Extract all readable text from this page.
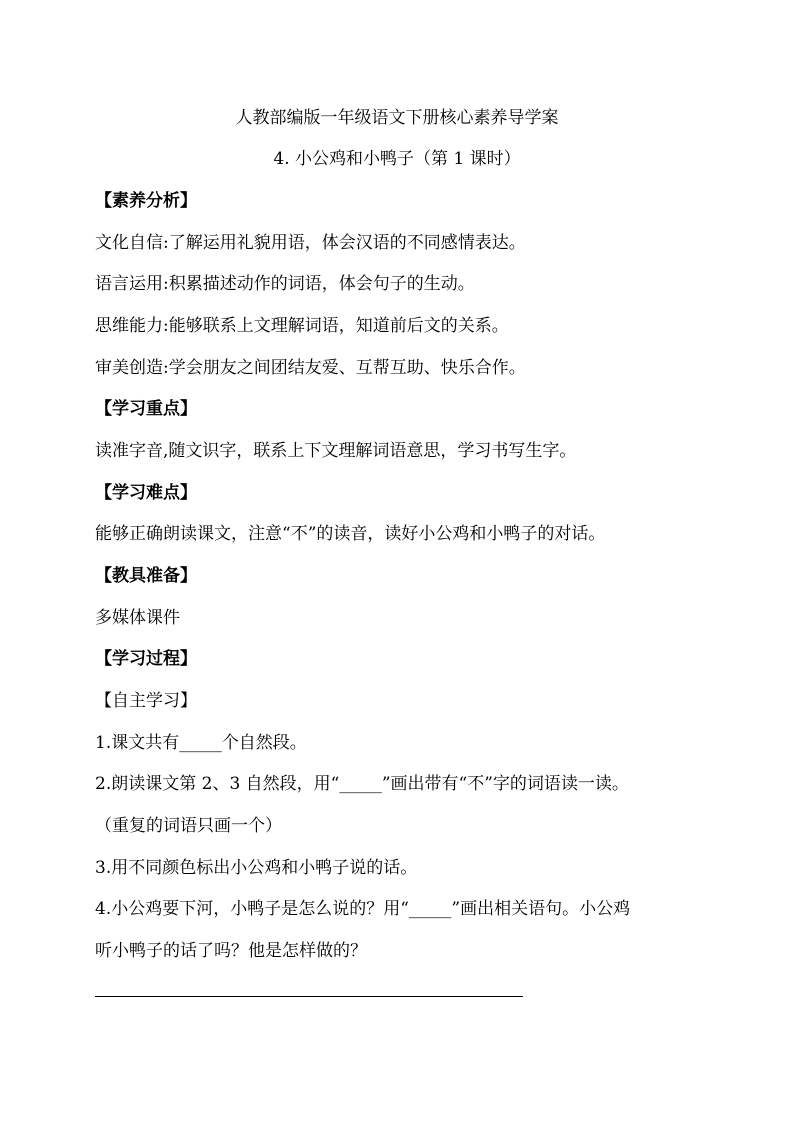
人教部编版一年级语文下册核心素养导学案
4. 小公鸡和小鸭子（第 1 课时）
【素养分析】
文化自信:了解运用礼貌用语，体会汉语的不同感情表达。
语言运用:积累描述动作的词语，体会句子的生动。
思维能力:能够联系上文理解词语，知道前后文的关系。
审美创造:学会朋友之间团结友爱、互帮互助、快乐合作。
【学习重点】
读准字音,随文识字，联系上下文理解词语意思，学习书写生字。
【学习难点】
能够正确朗读课文，注意“不”的读音，读好小公鸡和小鸭子的对话。
【教具准备】
多媒体课件
【学习过程】
【自主学习】
1.课文共有_____个自然段。
2.朗读课文第 2、3 自然段，用“_____”画出带有“不”字的词语读一读。
（重复的词语只画一个）
3.用不同颜色标出小公鸡和小鸭子说的话。
4.小公鸡要下河，小鸭子是怎么说的？用“_____”画出相关语句。小公鸡
听小鸭子的话了吗？他是怎样做的？
